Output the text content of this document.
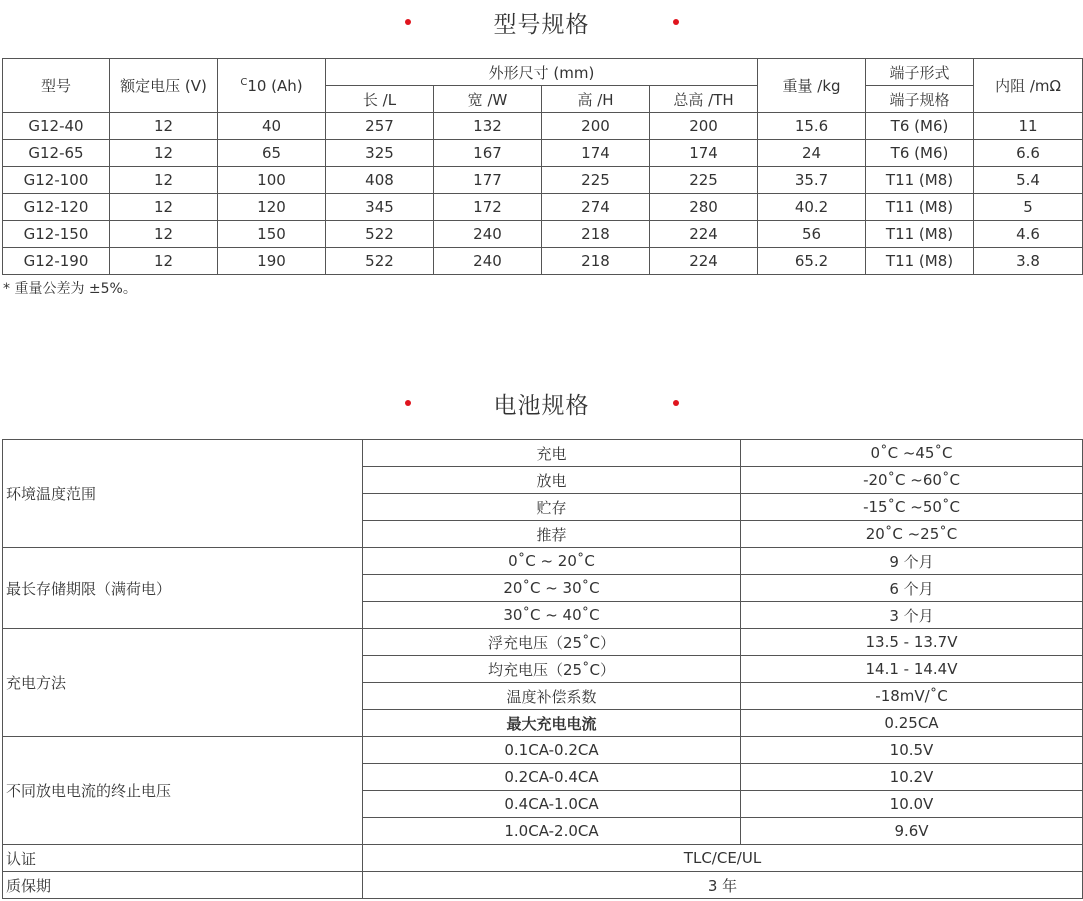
型号规格
型号	额定电压 (V)	$^C$10 (Ah)	外形尺寸 (mm)				重量 /kg	端子形式	内阻 /mΩ
			长 /L	宽 /W	高 /H	总高 /TH		端子规格	
G12-40	12	40	257	132	200	200	15.6	T6 (M6)	11
G12-65	12	65	325	167	174	174	24	T6 (M6)	6.6
G12-100	12	100	408	177	225	225	35.7	T11 (M8)	5.4
G12-120	12	120	345	172	274	280	40.2	T11 (M8)	5
G12-150	12	150	522	240	218	224	56	T11 (M8)	4.6
G12-190	12	190	522	240	218	224	65.2	T11 (M8)	3.8
* 重量公差为 ±5%。
电池规格
环境温度范围	充电	0˚C ~45˚C
	放电	-20˚C ~60˚C
	贮存	-15˚C ~50˚C
	推荐	20˚C ~25˚C
最长存储期限（满荷电）	0˚C ~ 20˚C	9 个月
	20˚C ~ 30˚C	6 个月
	30˚C ~ 40˚C	3 个月
充电方法	浮充电压（25˚C）	13.5 - 13.7V
	均充电压（25˚C）	14.1 - 14.4V
	温度补偿系数	-18mV/˚C
	最大充电电流	0.25CA
不同放电电流的终止电压	0.1CA-0.2CA	10.5V
	0.2CA-0.4CA	10.2V
	0.4CA-1.0CA	10.0V
	1.0CA-2.0CA	9.6V
认证	TLC/CE/UL	
质保期	3 年	
